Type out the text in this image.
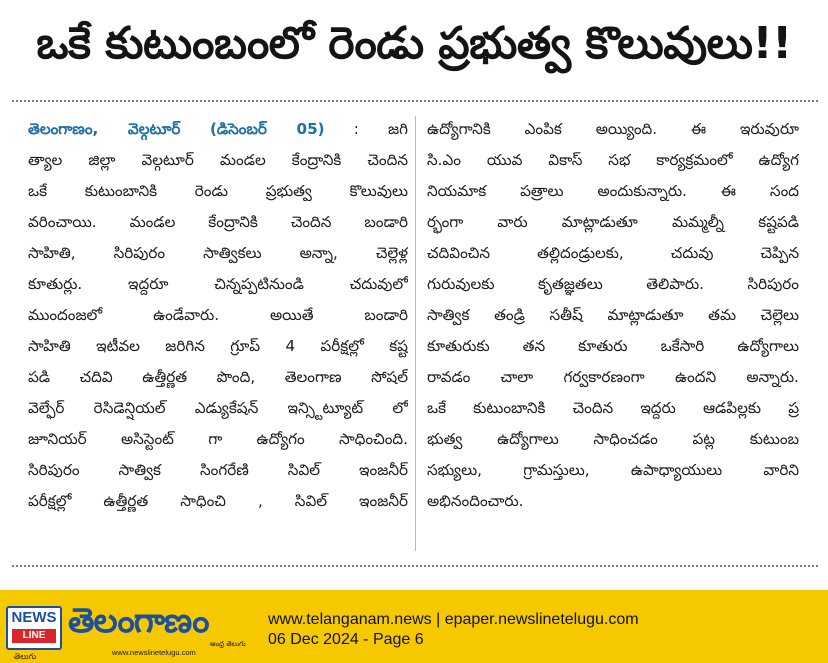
ఒకే కుటుంబంలో రెండు ప్రభుత్వ కొలువులు!!
తెలంగాణం, వెల్గటూర్ (డిసెంబర్ 05) : జగి
త్యాల జిల్లా వెల్గటూర్ మండల కేంద్రానికి చెందిన
ఒకే కుటుంబానికి రెండు ప్రభుత్వ కొలువులు
వరించాయి. మండల కేంద్రానికి చెందిన బండారి
సాహితి, సిరిపురం సాత్వికలు అన్నా, చెల్లెళ్ల
కూతుర్లు. ఇద్దరూ చిన్నప్పటినుండి చదువులో
ముందంజలో ఉండేవారు. అయితే బండారి
సాహితి ఇటీవల జరిగిన గ్రూప్ 4 పరీక్షల్లో కష్ట
పడి చదివి ఉత్తీర్ణత పొంది, తెలంగాణ సోషల్
వెల్ఫేర్ రెసిడెన్షియల్ ఎడ్యుకేషన్ ఇన్స్టిట్యూట్ లో
జూనియర్ అసిస్టెంట్ గా ఉద్యోగం సాధించింది.
సిరిపురం సాత్విక సింగరేణి సివిల్ ఇంజనీర్
పరీక్షల్లో ఉత్తీర్ణత సాధించి , సివిల్ ఇంజనీర్
ఉద్యోగానికి ఎంపిక అయ్యింది. ఈ ఇరువురూ
సి.ఎం యువ వికాస్ సభ కార్యక్రమంలో ఉద్యోగ
నియమాక పత్రాలు అందుకున్నారు. ఈ సంద
ర్భంగా వారు మాట్లాడుతూ మమ్మల్నీ కష్టపడి
చదివించిన తల్లిదండ్రులకు, చదువు చెప్పిన
గురువులకు కృతజ్ఞతలు తెలిపారు. సిరిపురం
సాత్విక తండ్రి సతీష్ మాట్లాడుతూ తమ చెల్లెలు
కూతురుకు తన కూతురు ఒకేసారి ఉద్యోగాలు
రావడం చాలా గర్వకారణంగా ఉందని అన్నారు.
ఒకే కుటుంబానికి చెందిన ఇద్దరు ఆడపిల్లకు ప్ర
భుత్వ ఉద్యోగాలు సాధించడం పట్ల కుటుంబ
సభ్యులు, గ్రామస్తులు, ఉపాధ్యాయులు వారిని
అభినందించారు.
NEWS
LINE
తెలుగు
తెలంగాణం
ఆంధ్ర తెలుగు
www.newslinetelugu.com
www.telanganam.news | epaper.newslinetelugu.com
06 Dec 2024 - Page 6
